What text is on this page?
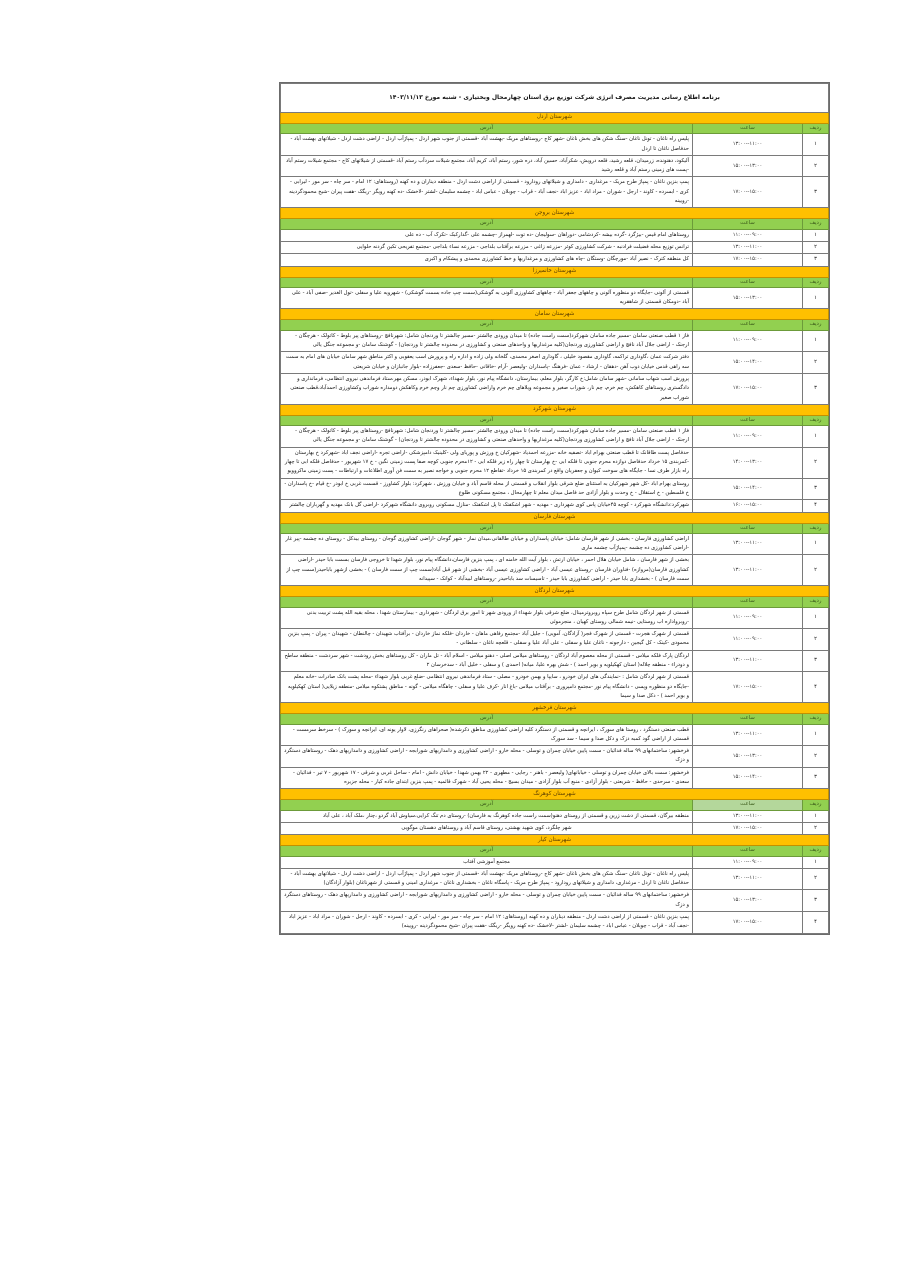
برنامه اطلاع رسانی مدیریت مصرف انرژی شرکت توزیع برق استان چهارمحال وبختیاری - شنبه مورخ ۱۴۰۳/۱۱/۱۳		
شهرستان اردل		
ردیف	ساعت	آدرس
۱	۱۱:۰۰--۱۳:۰۰	پلیس راه ناغان - تونل ناغان -سنگ شکن های بخش ناغان -شهر کاج -روستاهای مریک -بهشت آباد -قسمتی از جنوب شهر اردل - پمپاژآب اردل - اراضی دشت اردل - شیلاتهای بهشت آباد - حدفاصل ناغان تا اردل
۲	۱۳:۰۰--۱۵:۰۰	آلیکود، دهنونده، زرمیدان، قلعه رشید، قلعه درویش، شکرآباد، حسین آباد، دره شور، رستم آباد، کریم آباد، مجتمع شیلات سردآب رستم آباد -قسمتی از شیلاتهای کاج - مجتمع شیلات رستم آباد -پست های زمینی رستم آباد و قلعه رشید
۳	۱۵:۰۰--۱۷:۰۰	پمپ بنزین ناغان - پمپاژ طرح مریک - مرغداری - دامداری و شیلاتهای رودارود - قسمتی از اراضی دشت اردل - منطقه دیناران و ده کهنه (روستاهای: ۱۲ امام - سر چاه - سر مور - لیرابی - کری - ابسرده - کاوند - ارجل - شوران - مراد اباد - عزیز اباد -نجف آباد - قراب - چوبلان - عباس اباد - چشمه سلیمان -لشتر -لاخشک -ده کهنه رویگر -ریگک -هفت پیران -شیخ محمودگردینه -رویینه
شهرستان بروجن		
ردیف	ساعت	آدرس
۱	۰۹:۰۰--۱۱:۰۰	روستاهای امام قیس -بیژگرد -گرده بیشه -کردشامی -دوراهان -سولیجان -ده توت -لهمراز -چشمه علی -گدارکبک -تکرک آب - ده علی
۲	۱۱:۰۰--۱۳:۰۰	ترانس توزیع محله فضیلت فرادنبه - شرکت کشاورزی کوثر -مزرعه زاغی - مزرعه برآفتاب بلداجی - مزرعه نساء بلداجی -مجتمع تفریحی تکین گردنه حلوایی
۳	۱۵:۰۰--۱۷:۰۰	کل منطقه کترک - نصیر آباد -مورچگان -وستگان -چاه های کشاورزی و مرغداریها و خط کشاورزی محمدی و پیشکام و اکبری
شهرستان خانمیرزا		
ردیف	ساعت	آدرس
۱	۱۳:۰۰--۱۵:۰۰	قسمتی از آلونی -جایگاه دو منظوره آلونی و چاههای جعفر آباد - چاههای کشاورزی آلونی به گوشکی(سمت چپ جاده بسمت گوشکی) - شهرویه علیا و سفلی -تول الغدیر -صفی آباد - علی آباد -دومکان قسمتی از شاهقریه
شهرستان سامان		
ردیف	ساعت	آدرس
۱	۰۹:۰۰--۱۱:۰۰	فاز ۱ قطب صنعتی سامان -مسیر جاده سامان شهرکرد(سمت راست جاده) تا میدان ورودی چالشتر -مسیر چالشتر تا وردنجان شامل: شهرنافچ -روستاهای پیر بلوط - کاتولک - هرچگان - ارجنک - اراضی جلال آباد نافچ و اراضی کشاورزی وردنجان(کلیه مرغداریها و واحدهای صنعتی و کشاورزی در محدوده چالشتر تا وردنجان) - گوشنک سامان -و مجموعه جنگل یالی
۲	۱۴:۰۰--۱۵:۰۰	دفتر شرکت عمان ،گاوداری تراکمه، گاوداری مقصود خلیلی ، گاوداری اصغر محمدی، گلخانه ولی زاده و اداره راه و پرورش اسب یعقوبی و اکثر مناطق شهر سامان خیابان های امام به سمت سه راهی قدس خیابان ذوب آهن -دهقان - ارشاد - عمان -فرهنگ -پاسداران -ولیعصر -آرام -خاقانی -حافظ -سعدی -جعفرزاده -بلوار جانبازان و خیابان شریعتی
۳	۱۵:۰۰--۱۷:۰۰	پرورش اسب شهاب سامانی -شهر سامان شامل:خ کارگر، بلوار معلم، بیمارستان، دانشگاه پیام نور، بلوار شهداء، شهرک ابوذر، مسکن مهر،ستاد فرماندهی نیروی انتظامی، فرمانداری و دادگستری روستاهای کاهکش، چم خرم، چم نار، شوراب صغیر و مجموعه ویلاهای چم خرم واراضی کشاورزی چم نار وچم خرم وکاهکش دومداره شوراب وکشاورزی احمدآباد،قطب صنعتی شوراب صغیر
شهرستان شهرکرد		
ردیف	ساعت	آدرس
۱	۰۹:۰۰--۱۱:۰۰	فاز ۱ قطب صنعتی سامان -مسیر جاده سامان شهرکرد(سمت راست جاده) تا میدان ورودی چالشتر -مسیر چالشتر تا وردنجان شامل: شهرنافچ -روستاهای پیر بلوط - کاتولک - هرچگان - ارجنک - اراضی جلال آباد نافچ و اراضی کشاورزی وردنجان(کلیه مرغداریها و واحدهای صنعتی و کشاورزی در محدوده چالشتر تا وردنجان) - گوشنک سامان -و مجموعه جنگل یالی
۲	۱۳:۰۰--۱۴:۰۰	حدفاصل پست طاقانک تا قطب صنعتی بهرام اباد -تصفیه خانه -مزرعه احمدیاد -شهرکیان خ ورزش و پوریای ولی -کلینیک دامپزشکی -اراضی تجره -اراضی نجف اباد -شهرکرد خ بهارستان -کمربندی ۱۵ خرداد حدفاصل دوازده محرم جنوبی تا فلکه ابی -خ بهارستان تا چهار راه زیر فلکه ابی - ۱۲محرم جنوبی کوچه صفا پست زمینی نگین - خ ۱۷ شهریور - حدفاصل فلکه ابی تا چهار راه بازار طرف نسا - جایگاه های سوخت کیوان و جعفریان واقع در کمربندی ۱۵ خرداد -تقاطع ۱۲ محرم جنوبی و خواجه نصیر به سمت فن آوری اطلاعات و ارتباطات - پست زمینی ماکروویو
۳	۱۴:۰۰--۱۵:۰۰	روستای بهرام اباد -کل شهر شهرکیان به استثنای ضلع شرقی بلوار انقلاب و قسمتی از محله قاسم آباد و خیابان ورزش ، شهرکرد: بلوار کشاورز - قسمت غربی خ ابوذر -خ قیام -خ پاسداران - خ فلسطین - خ استقلال - خ وحدت و بلوار آزادی حد فاصل میدان معلم تا چهارمحال ، مجتمع مسکونی طلوع
۴	۱۵:۰۰--۱۶:۰۰	شهرکرد:دانشگاه شهرکرد - کوچه ۴۵خیابان پاس کوی شهرداری - مهدیه - شهر اشکفتک تا پل اشکفتک -منازل مسکونی روبروی دانشگاه شهرکرد -اراضی گل بانک مهدیه و گهرباران چالشتر
شهرستان فارسان		
ردیف	ساعت	آدرس
۱	۱۱:۰۰--۱۳:۰۰	اراضی کشاورزی فارسان - بخشی از شهر فارسان شامل: خیابان پاسداران و خیابان طالقانی،میدان نماز - شهر گوجان -اراضی کشاورزی گوجان - روستای بیدکل - روستای ده چشمه -پیر غار -اراضی کشاورزی ده چشمه -پمپاژآب چشمه ماری
۲	۱۱:۰۰--۱۳:۰۰	بخشی از شهر فارسان ، شامل خیابان هلال احمر ، خیابان ارتش ، بلوار آیت الله خامنه ای ، پمپ بنزین فارسان،دانشگاه پیام نور، بلوار شهدا تا خروجی فارسان بسمت بابا حیدر -اراضی کشاورزی فارسان(مروازه) -فناوران فارسان -روستای عیسی آباد - اراضی کشاورزی عیسی آباد -بخشی از شهر قبل آباد(سمت چپ از سمت فارسان ) - بخشی ازشهر باباحیدر(سمت چپ از سمت فارسان ) - بخشداری بابا حیدر - اراضی کشاورزی بابا حیدر - تاسیسات سد باباحیدر -روستاهای لبیدآباد - کوانک - سپیدانه
شهرستان لردگان		
ردیف	ساعت	آدرس
۱	۰۹:۰۰--۱۱:۰۰	قسمتی از شهر لردگان شامل طرح سپاه روبروترمینال، ضلع شرقی بلوار شهداء از ورودی شهر تا امور برق لردگان - شهرداری - بیمارستان شهدا ، محله بقیه الله پشت تربیت بدنی -روبرواداره اب روستایی -نیمه شمالی روستای کهیان ، منجرموئی
۲	۰۹:۰۰--۱۱:۰۰	قسمتی از شهرک هجرت - قسمتی از شهرک فجر( آزادگان، آمویی) - جلیل آباد -مجتمع رفاهی ماهان - خاردان -فلکه نماز خاردان - برآفتاب شهیدان - چالنطان - شهیدان - پیران - پمپ بنزین محمودی -کینک - کل گیجین - دارجونه - ناغان علیا و سفلی - علی آباد علیا و سفلی - قلعچه ناغان - سلطانی -
۳	۱۱:۰۰--۱۳:۰۰	لردگان پارک فلکه میلاس - قسمتی از محله معصوم آباد لردگان - روستاهای میلاس اصلی - دهنو میلاس - اسلام آباد - تل ماران - کل روستاهای بخش رودشت - شهر سردشت - منطقه ساطح و دودراء - منطقه چلاله( استان کهکیلویه و بویر احمد ) - شش بهره علیا، میانه( احمدی ) و سفلی - خلیل آباد - سدخرسان ۲
۴	۱۵:۰۰--۱۷:۰۰	قسمتی از شهر لردگان شامل : -نمایندگی های ایران خودرو ، سایپا و بهمن خودرو - مصلی - ستاد فرماندهی نیروی انتظامی -ضلع غربی بلوار شهداء -محله پشت بانک صادرات -خانه معلم -جایگاه دو منظوره وپسی - دانشگاه پیام نور -مجتمع دامپروری - برآفتاب میلاس -باغ انار -کرف علیا و سفلی - چاهگاه میلاس - گونه - مناطق پشتکوه میلاس -منطقه زیلایی( استان کهکیلویه و بویر احمد ) - دکل صدا و سیما
شهرستان فرخشهر		
ردیف	ساعت	آدرس
۱	۱۱:۰۰--۱۳:۰۰	قطب صنعتی دستگرد ، روستا های سورک ، ایرانچه و قسمتی از دستگرد کلیه اراضی کشاورزی مناطق ذکرشده( صحراهای رنگرزی، لاوار یونه ای، ایرانچه و سورک ) - سرخط سرمست - قسمتی از اراضی گود کمبه دزک و دکل صدا و سیما - سد سورک
۲	۱۳:۰۰--۱۵:۰۰	فرخشهر: ساختمانهای ۹۹ ساله فدائیان - سمت پایین خیابان چمران و توسلی - محله خارو - اراضی کشاورزی و دامداریهای شورابجه - اراضی کشاورزی و دامداریهای دهک - روستاهای دستگرد و دزک
۳	۱۴:۰۰--۱۵:۰۰	فرخشهر: سمت بالای خیابان چمران و توسلی - خیابانهای( ولیعصر - باهنر - رجایی - مطهری - ۲۲ بهمن شهدا - خیابان دانش - امام - ساحل غربی و شرقی - ۱۷ شهریور - ۷ تیر - فدائیان - سعدی - سرحدی - حافظ - شریعتی - بلوار آزادی - منبع آب بلوار آزادی - میدان بسیج - محله یحیی آباد - شهرک قائمیه - پمپ بنزین ابتدای جاده کیار - محله جزیره
شهرستان کوهرنگ		
ردیف	ساعت	آدرس
۱	۱۱:۰۰--۱۳:۰۰	منطقه بیرگان، قسمتی از دشت زرین و قسمتی از روستای دهنو(سمت راست جاده کوهرنگ به فارسان) -روستای دم تنگ کرایی،سیاوش آباد گردو ،چنار ،ملک آباد ، علی آباد
۲	۱۵:۰۰--۱۷:۰۰	شهر چلگرد، کوی شهید بهشتی، روستای قاسم آباد و روستاهای دهستان موگویی
شهرستان کیار		
ردیف	ساعت	آدرس
۱	۰۹:۰۰--۱۱:۰۰	مجتمع آموزشی آفتاب
۲	۱۱:۰۰--۱۳:۰۰	پلیس راه ناغان - تونل ناغان -سنگ شکن های بخش ناغان -شهر کاج -روستاهای مریک -بهشت آباد -قسمتی از جنوب شهر اردل - پمپاژآب اردل - اراضی دشت اردل - شیلاتهای بهشت آباد - حدفاصل ناغان تا اردل - مرغداری، دامداری و شیلاتهای رودارود - پمپاژ طرح مریک - پاسگاه ناغان - بخشداری ناغان - مرغداری امینی و قسمتی از شهرناغان (بلوار آزادگان)
۳	۱۳:۰۰--۱۵:۰۰	فرخشهر: ساختمانهای ۹۹ ساله فدائیان - سمت پایین خیابان چمران و توسلی - محله خارو - اراضی کشاورزی و دامداریهای شورابجه - اراضی کشاورزی و دامداریهای دهک - روستاهای دستگرد و دزک
۴	۱۵:۰۰--۱۷:۰۰	پمپ بنزین ناغان - قسمتی از اراضی دشت اردل - منطقه دیناران و ده کهنه (روستاهای: ۱۲ امام - سر چاه - سر مور - لیرابی - کری - ابسرده - کاوند - ارجل - شوران - مراد اباد - عزیز اباد -نجف آباد - قراب - چوبلان - عباس اباد - چشمه سلیمان -لشتر -لاخشک -ده کهنه رویگر -ریگک -هفت پیران -شیخ محمودگردینه -رویینه)
